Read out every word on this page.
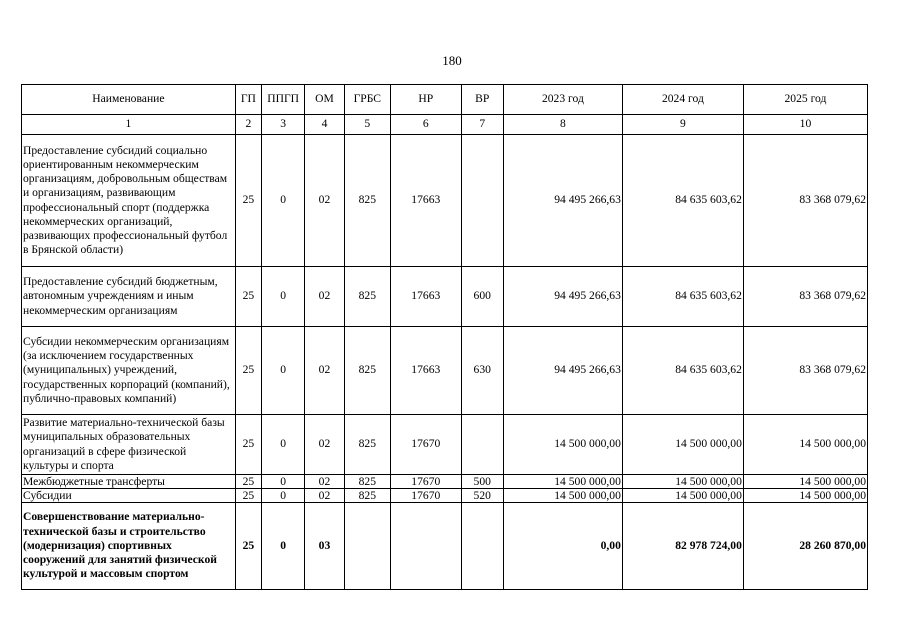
180
Наименование	ГП	ППГП	ОМ	ГРБС	НР	ВР	2023 год	2024 год	2025 год
1	2	3	4	5	6	7	8	9	10
Предоставление субсидий социально ориентированным некоммерческим организациям, добровольным обществам и организациям, развивающим профессиональный спорт (поддержка некоммерческих организаций, развивающих профессиональный футбол в Брянской области)	25	0	02	825	17663		94 495 266,63	84 635 603,62	83 368 079,62
Предоставление субсидий бюджетным, автономным учреждениям и иным некоммерческим организациям	25	0	02	825	17663	600	94 495 266,63	84 635 603,62	83 368 079,62
Субсидии некоммерческим организациям (за исключением государственных (муниципальных) учреждений, государственных корпораций (компаний), публично-правовых компаний)	25	0	02	825	17663	630	94 495 266,63	84 635 603,62	83 368 079,62
Развитие материально-технической базы муниципальных образовательных организаций в сфере физической культуры и спорта	25	0	02	825	17670		14 500 000,00	14 500 000,00	14 500 000,00
Межбюджетные трансферты	25	0	02	825	17670	500	14 500 000,00	14 500 000,00	14 500 000,00
Субсидии	25	0	02	825	17670	520	14 500 000,00	14 500 000,00	14 500 000,00
Совершенствование материально-технической базы и строительство (модернизация) спортивных сооружений для занятий физической культурой и массовым спортом	25	0	03				0,00	82 978 724,00	28 260 870,00
